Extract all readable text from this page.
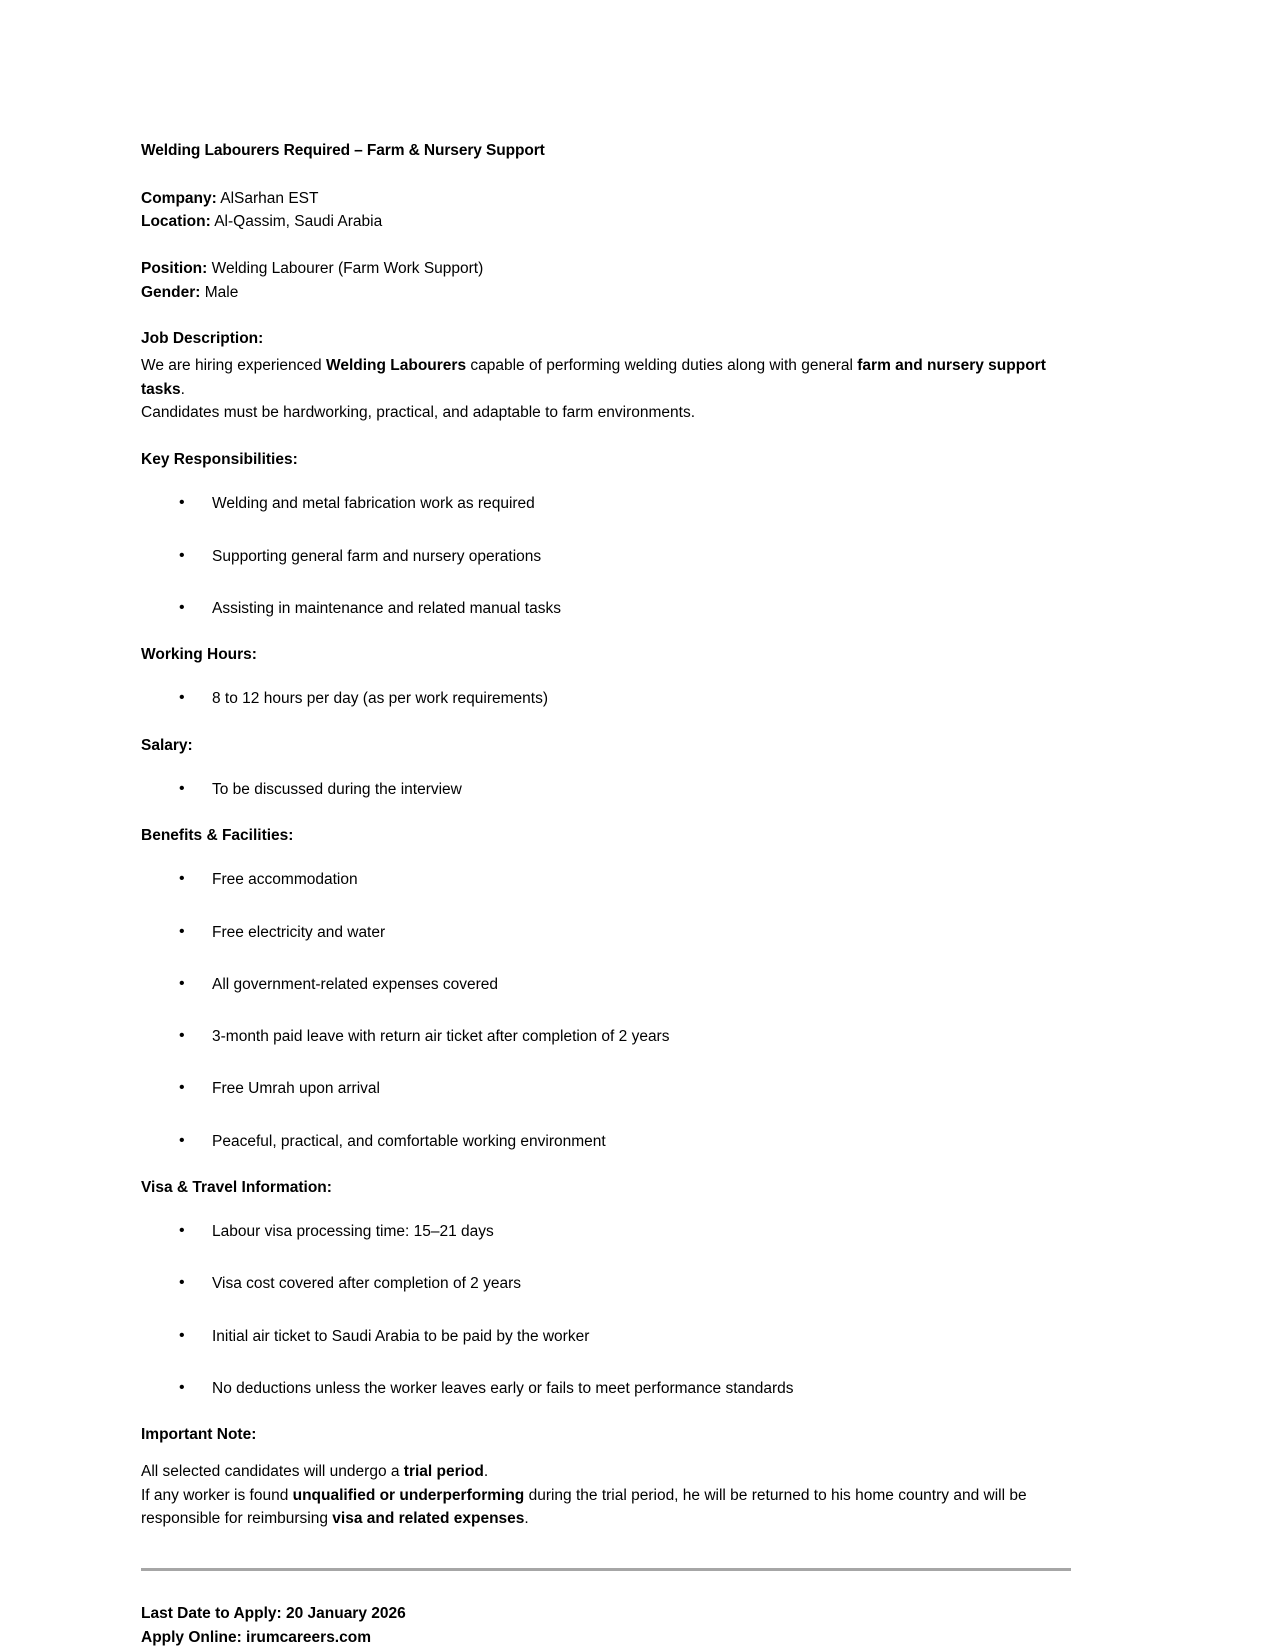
Welding Labourers Required – Farm & Nursery Support
Company: AlSarhan EST
Location: Al-Qassim, Saudi Arabia
Position: Welding Labourer (Farm Work Support)
Gender: Male
Job Description:
We are hiring experienced Welding Labourers capable of performing welding duties along with general farm and nursery support tasks.
Candidates must be hardworking, practical, and adaptable to farm environments.
Key Responsibilities:
• Welding and metal fabrication work as required
• Supporting general farm and nursery operations
• Assisting in maintenance and related manual tasks
Working Hours:
• 8 to 12 hours per day (as per work requirements)
Salary:
• To be discussed during the interview
Benefits & Facilities:
• Free accommodation
• Free electricity and water
• All government-related expenses covered
• 3-month paid leave with return air ticket after completion of 2 years
• Free Umrah upon arrival
• Peaceful, practical, and comfortable working environment
Visa & Travel Information:
• Labour visa processing time: 15–21 days
• Visa cost covered after completion of 2 years
• Initial air ticket to Saudi Arabia to be paid by the worker
• No deductions unless the worker leaves early or fails to meet performance standards
Important Note:
All selected candidates will undergo a trial period.
If any worker is found unqualified or underperforming during the trial period, he will be returned to his home country and will be responsible for reimbursing visa and related expenses.
Last Date to Apply: 20 January 2026
Apply Online: irumcareers.com
